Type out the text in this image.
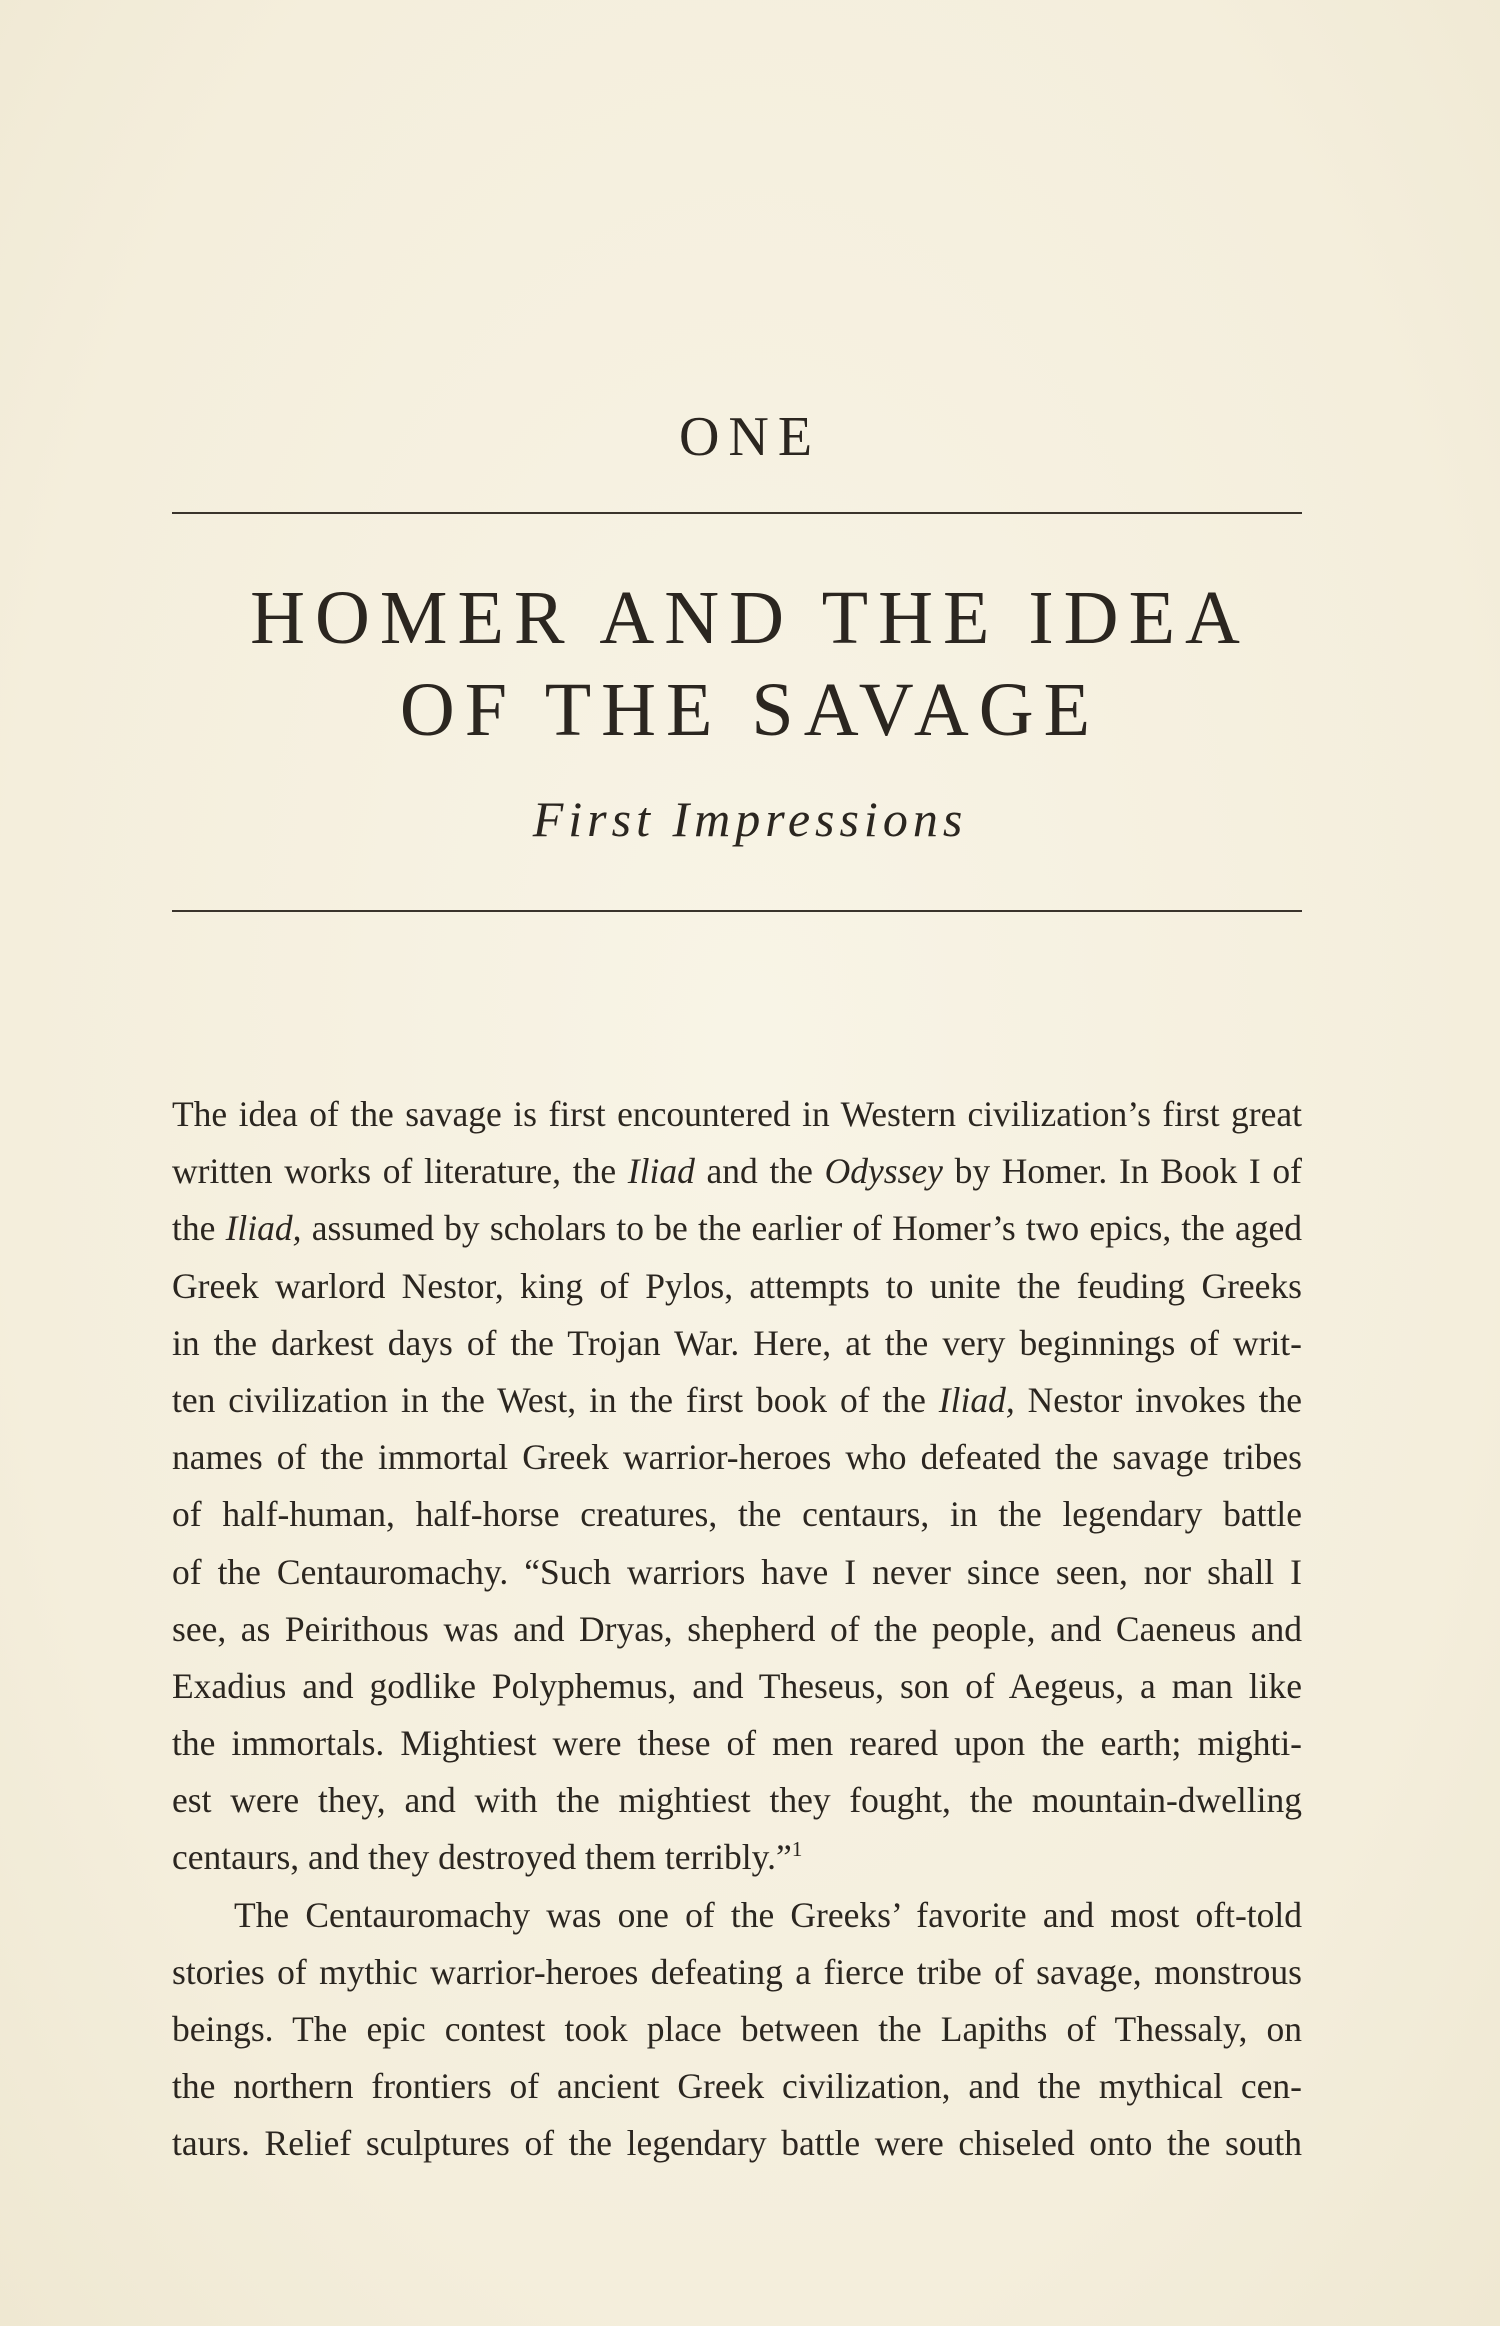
ONE
HOMER AND THE IDEA
OF THE SAVAGE
First Impressions
The idea of the savage is first encountered in Western civilization’s first great
written works of literature, the Iliad and the Odyssey by Homer. In Book I of
the Iliad, assumed by scholars to be the earlier of Homer’s two epics, the aged
Greek warlord Nestor, king of Pylos, attempts to unite the feuding Greeks
in the darkest days of the Trojan War. Here, at the very beginnings of writ-
ten civilization in the West, in the first book of the Iliad, Nestor invokes the
names of the immortal Greek warrior-heroes who defeated the savage tribes
of half-human, half-horse creatures, the centaurs, in the legendary battle
of the Centauromachy. “Such warriors have I never since seen, nor shall I
see, as Peirithous was and Dryas, shepherd of the people, and Caeneus and
Exadius and godlike Polyphemus, and Theseus, son of Aegeus, a man like
the immortals. Mightiest were these of men reared upon the earth; mighti-
est were they, and with the mightiest they fought, the mountain-dwelling
centaurs, and they destroyed them terribly.”$^1$
The Centauromachy was one of the Greeks’ favorite and most oft-told
stories of mythic warrior-heroes defeating a fierce tribe of savage, monstrous
beings. The epic contest took place between the Lapiths of Thessaly, on
the northern frontiers of ancient Greek civilization, and the mythical cen-
taurs. Relief sculptures of the legendary battle were chiseled onto the south
